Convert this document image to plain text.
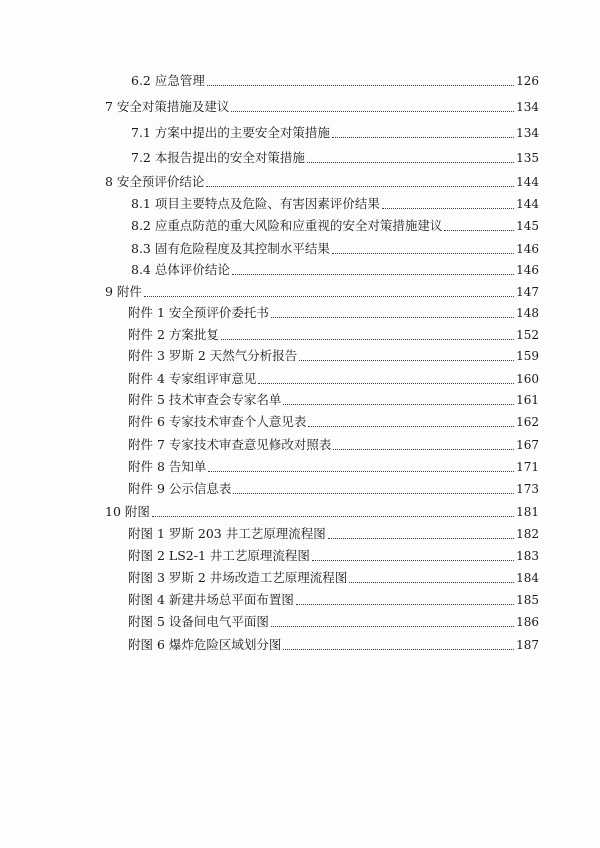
6.2 应急管理	126
7 安全对策措施及建议	134
7.1 方案中提出的主要安全对策措施	134
7.2 本报告提出的安全对策措施	135
8 安全预评价结论	144
8.1 项目主要特点及危险、有害因素评价结果	144
8.2 应重点防范的重大风险和应重视的安全对策措施建议	145
8.3 固有危险程度及其控制水平结果	146
8.4 总体评价结论	146
9 附件	147
附件 1 安全预评价委托书	148
附件 2 方案批复	152
附件 3 罗斯 2 天然气分析报告	159
附件 4 专家组评审意见	160
附件 5 技术审查会专家名单	161
附件 6 专家技术审查个人意见表	162
附件 7 专家技术审查意见修改对照表	167
附件 8 告知单	171
附件 9 公示信息表	173
10 附图	181
附图 1 罗斯 203 井工艺原理流程图	182
附图 2 LS2-1 井工艺原理流程图	183
附图 3 罗斯 2 井场改造工艺原理流程图	184
附图 4 新建井场总平面布置图	185
附图 5 设备间电气平面图	186
附图 6 爆炸危险区域划分图	187
